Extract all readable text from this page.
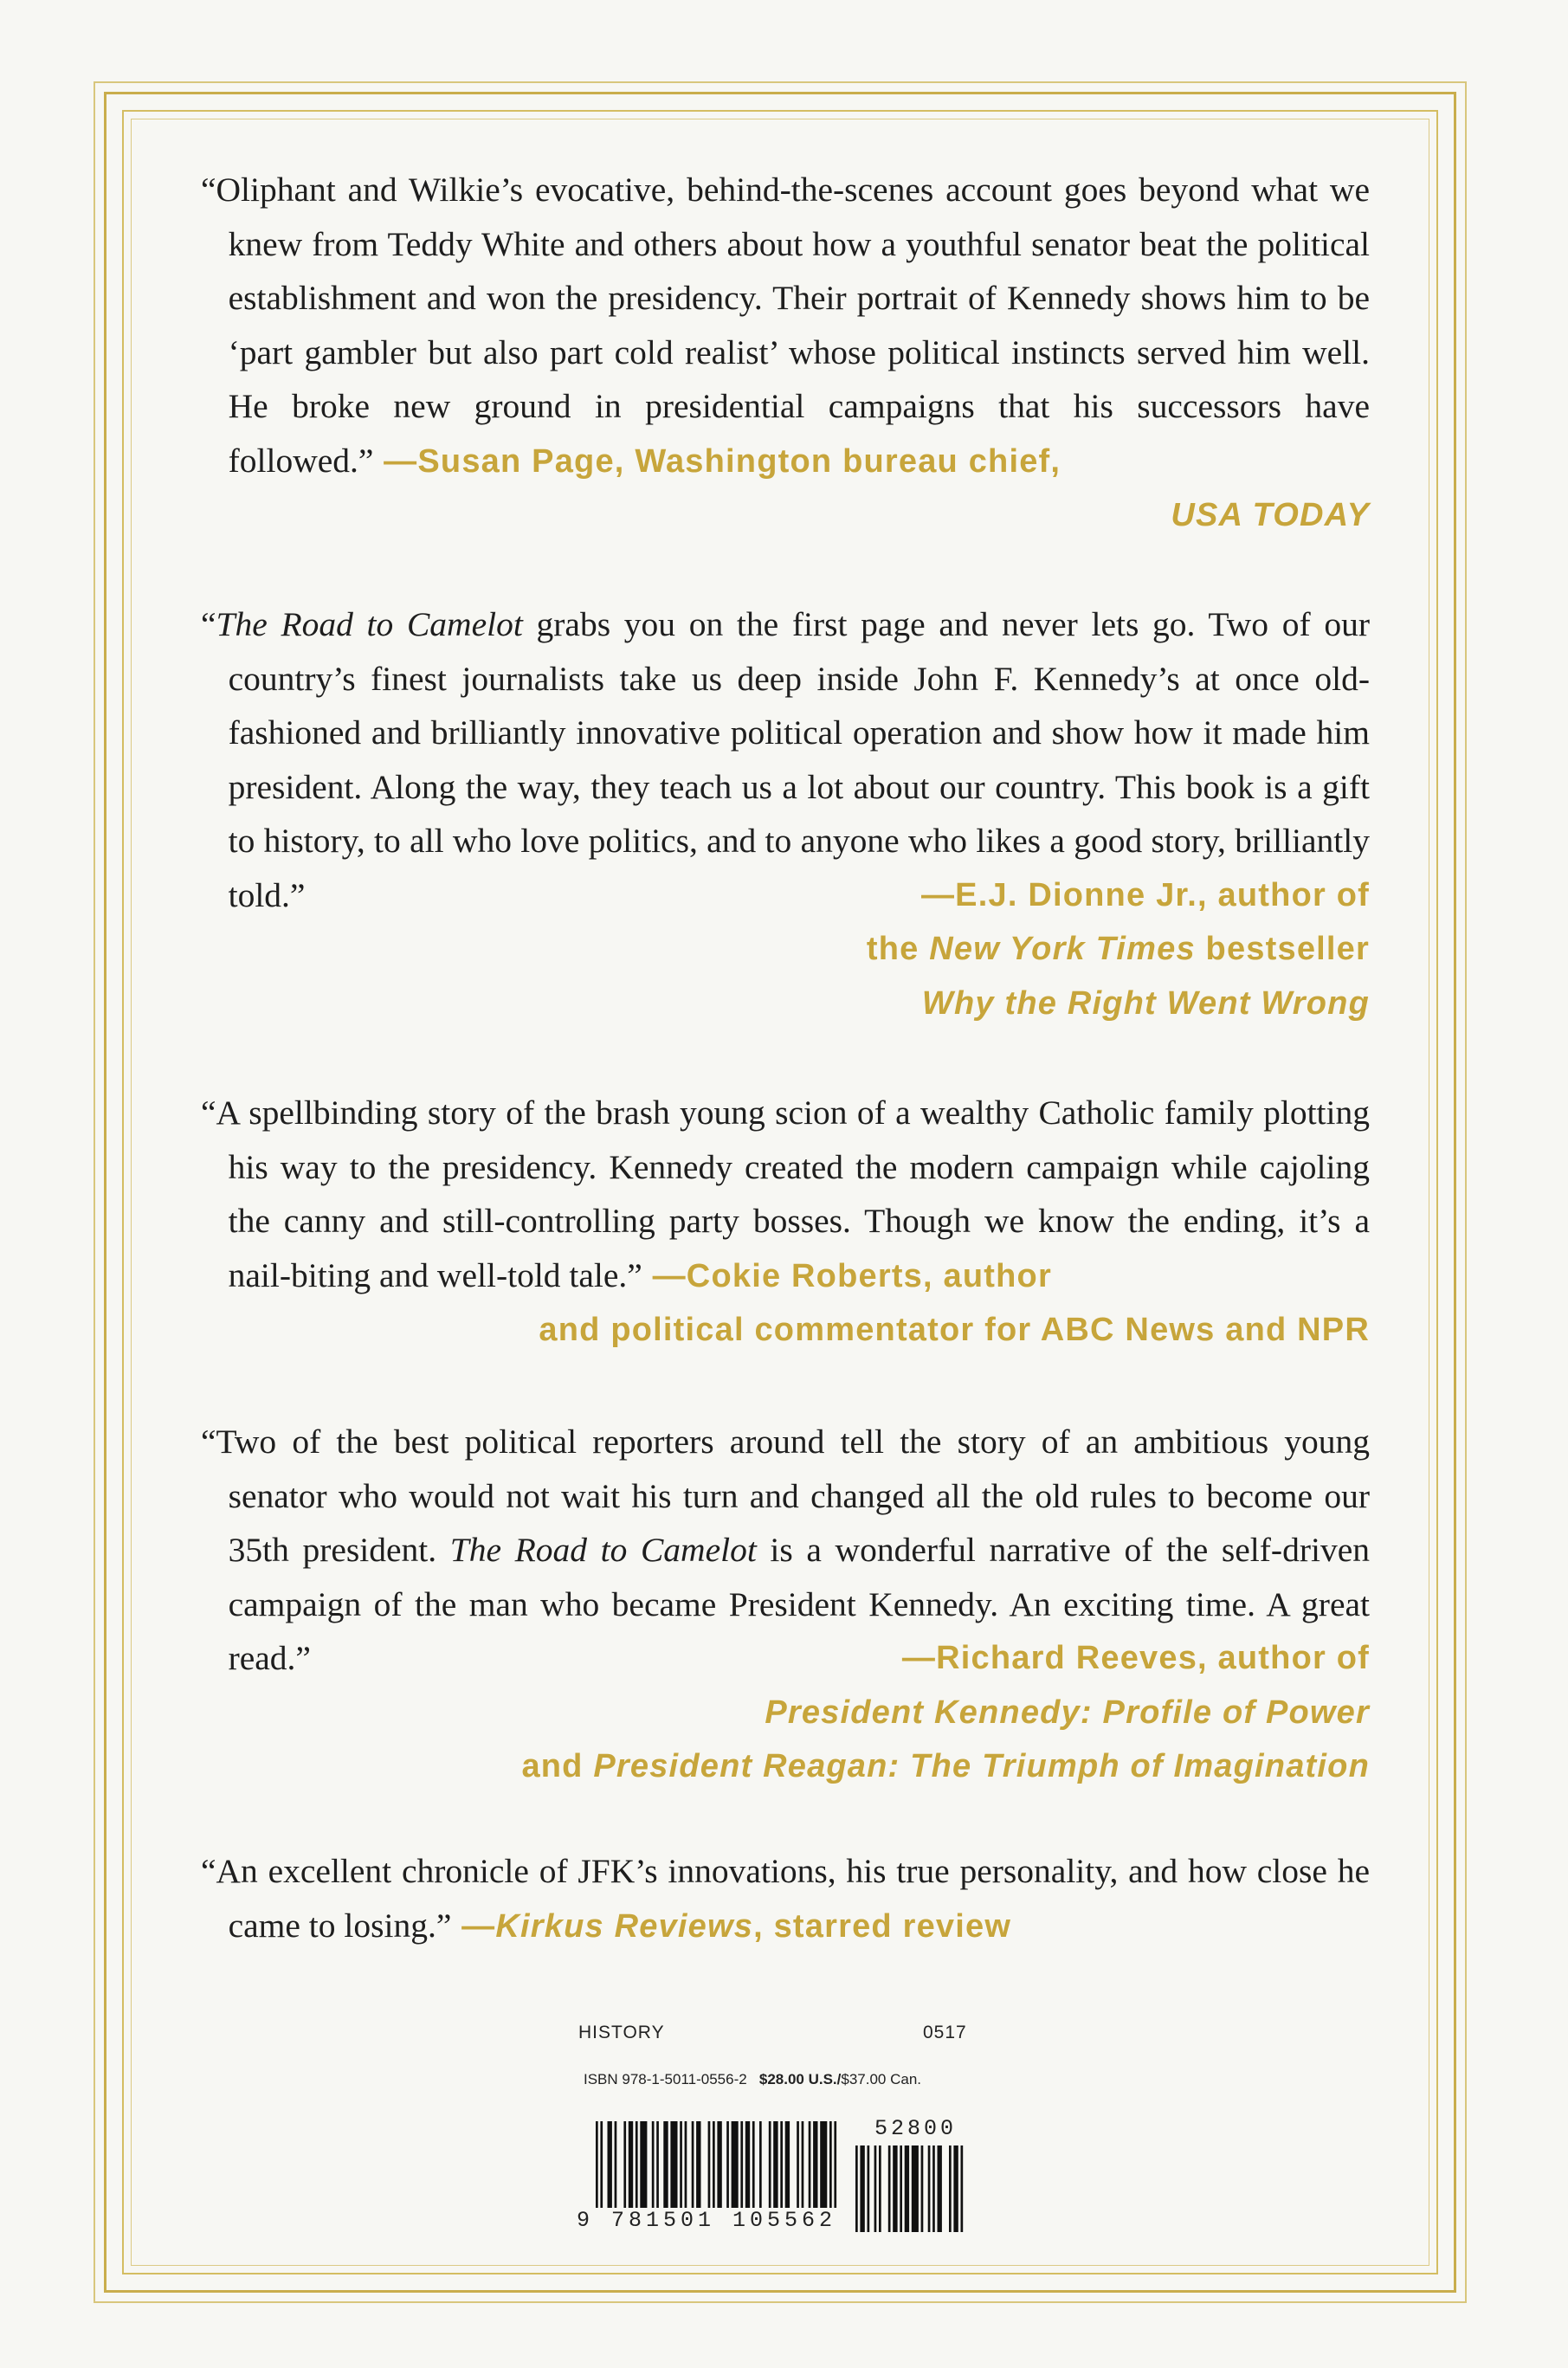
“Oliphant and Wilkie’s evocative, behind-the-scenes account goes beyond what we knew from Teddy White and others about how a youthful senator beat the political establishment and won the presidency. Their portrait of Kennedy shows him to be ‘part gambler but also part cold realist’ whose political instincts served him well. He broke new ground in presidential campaigns that his successors have followed.” —Susan Page, Washington bureau chief,
USA TODAY
“The Road to Camelot grabs you on the first page and never lets go. Two of our country’s finest journalists take us deep inside John F. Kennedy’s at once old-fashioned and brilliantly innovative political operation and show how it made him president. Along the way, they teach us a lot about our country. This book is a gift to history, to all who love politics, and to anyone who likes a good story, brilliantly told.”	—E.J. Dionne Jr., author of
the New York Times bestseller
Why the Right Went Wrong
“A spellbinding story of the brash young scion of a wealthy Catholic family plotting his way to the presidency. Kennedy created the modern campaign while cajoling the canny and still-controlling party bosses. Though we know the ending, it’s a nail-biting and well-told tale.” —Cokie Roberts, author
and political commentator for ABC News and NPR
“Two of the best political reporters around tell the story of an ambitious young senator who would not wait his turn and changed all the old rules to become our 35th president. The Road to Camelot is a wonderful narrative of the self-driven campaign of the man who became President Kennedy. An exciting time. A great read.”	—Richard Reeves, author of
President Kennedy: Profile of Power
and President Reagan: The Triumph of Imagination
“An excellent chronicle of JFK’s innovations, his true personality, and how close he came to losing.” —Kirkus Reviews, starred review
HISTORY	0517
ISBN 978-1-5011-0556-2 $28.00 U.S./$37.00 Can.
9 781501 105562
52800
